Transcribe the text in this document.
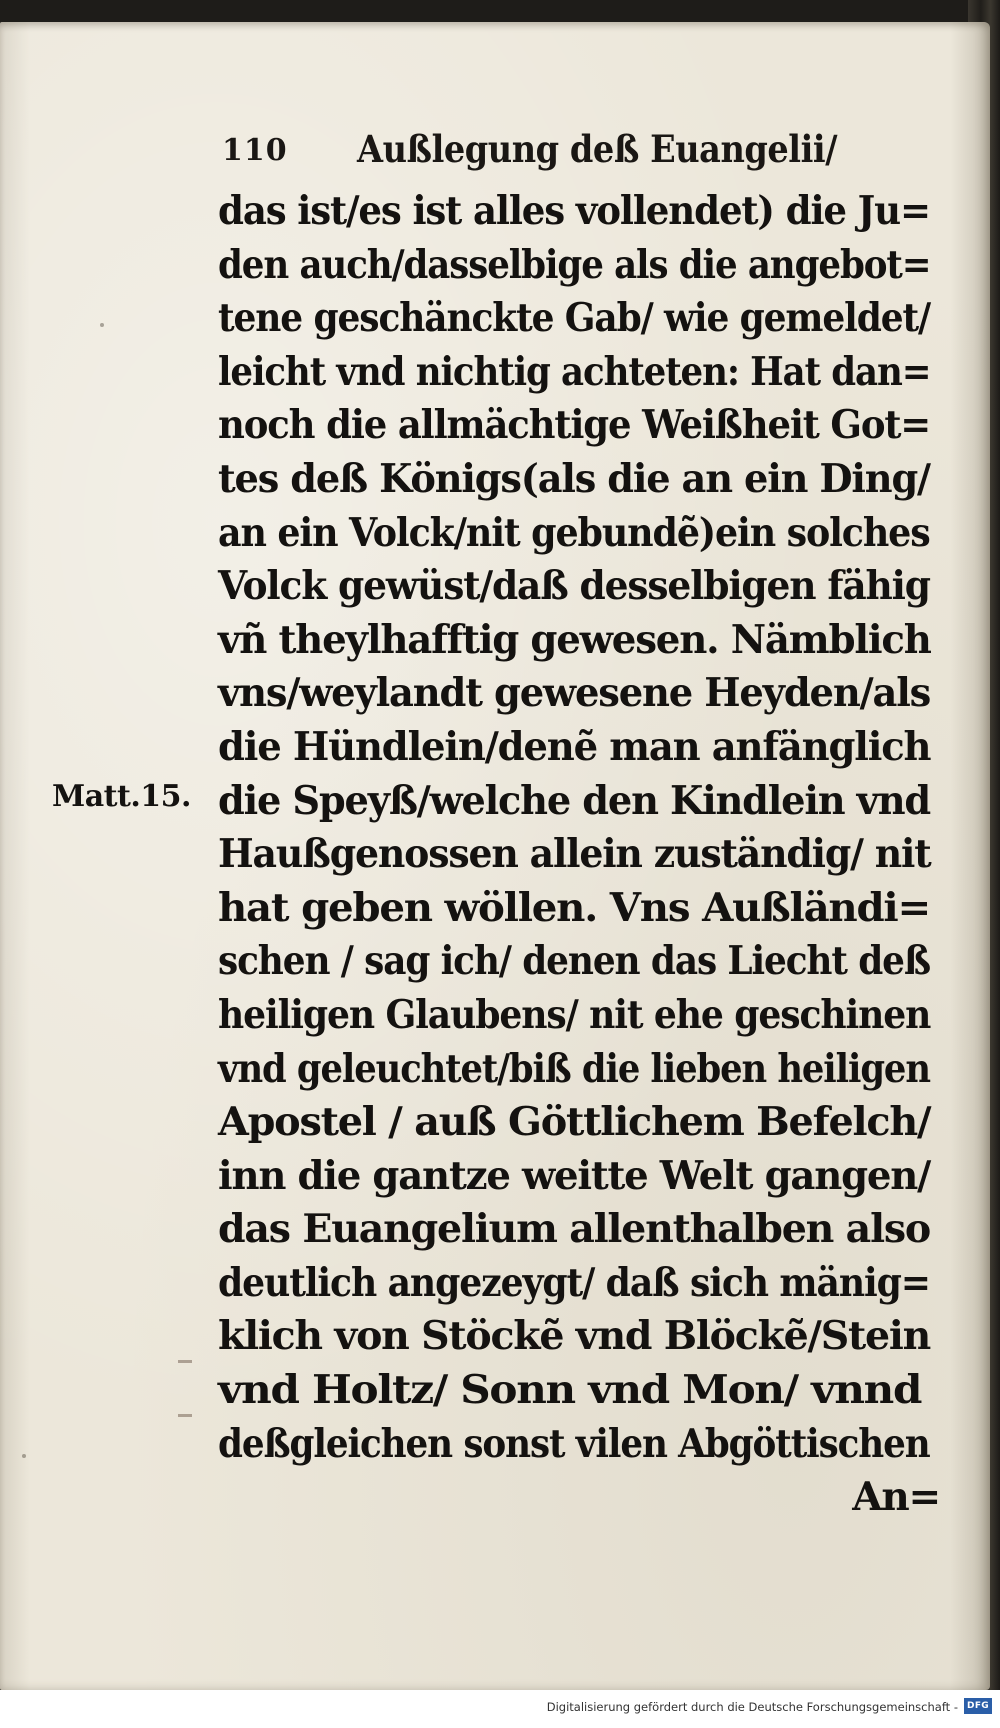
110 Außlegung deß Euangelii/
Matt.15.
das ist/es ist alles vollendet) die Ju=
den auch/dasselbige als die angebot=
tene geschänckte Gab/ wie gemeldet/
leicht vnd nichtig achteten: Hat dan=
noch die allmächtige Weißheit Got=
tes deß Königs(als die an ein Ding/
an ein Volck/nit gebundẽ)ein solches
Volck gewüst/daß desselbigen fähig
vñ theylhafftig gewesen. Nämblich
vns/weylandt gewesene Heyden/als
die Hündlein/denẽ man anfänglich
die Speyß/welche den Kindlein vnd
Haußgenossen allein zuständig/ nit
hat geben wöllen. Vns Außländi=
schen / sag ich/ denen das Liecht deß
heiligen Glaubens/ nit ehe geschinen
vnd geleuchtet/biß die lieben heiligen
Apostel / auß Göttlichem Befelch/
inn die gantze weitte Welt gangen/
das Euangelium allenthalben also
deutlich angezeygt/ daß sich mänig=
klich von Stöckẽ vnd Blöckẽ/Stein
vnd Holtz/ Sonn vnd Mon/ vnnd
deßgleichen sonst vilen Abgöttischen
An=
Digitalisierung gefördert durch die Deutsche Forschungsgemeinschaft -	DFG
